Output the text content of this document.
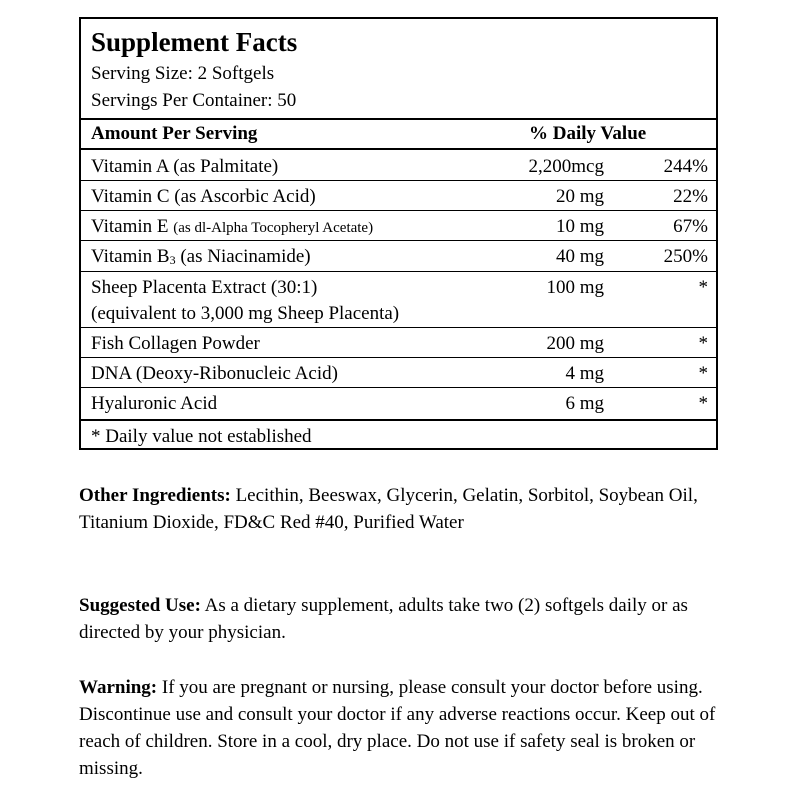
Supplement Facts
Serving Size: 2 Softgels
Servings Per Container: 50
Amount Per Serving	% Daily Value
Vitamin A (as Palmitate)	2,200mcg	244%
Vitamin C (as Ascorbic Acid)	20 mg	22%
Vitamin E (as dl-Alpha Tocopheryl Acetate)	10 mg	67%
Vitamin B3 (as Niacinamide)	40 mg	250%
Sheep Placenta Extract (30:1)
(equivalent to 3,000 mg Sheep Placenta)
100 mg	*
Fish Collagen Powder	200 mg	*
DNA (Deoxy-Ribonucleic Acid)	4 mg	*
Hyaluronic Acid	6 mg	*
* Daily value not established

Other Ingredients: Lecithin, Beeswax, Glycerin, Gelatin, Sorbitol, Soybean Oil, Titanium Dioxide, FD&C Red #40, Purified Water

Suggested Use: As a dietary supplement, adults take two (2) softgels daily or as directed by your physician.

Warning: If you are pregnant or nursing, please consult your doctor before using. Discontinue use and consult your doctor if any adverse reactions occur. Keep out of reach of children. Store in a cool, dry place. Do not use if safety seal is broken or missing.
